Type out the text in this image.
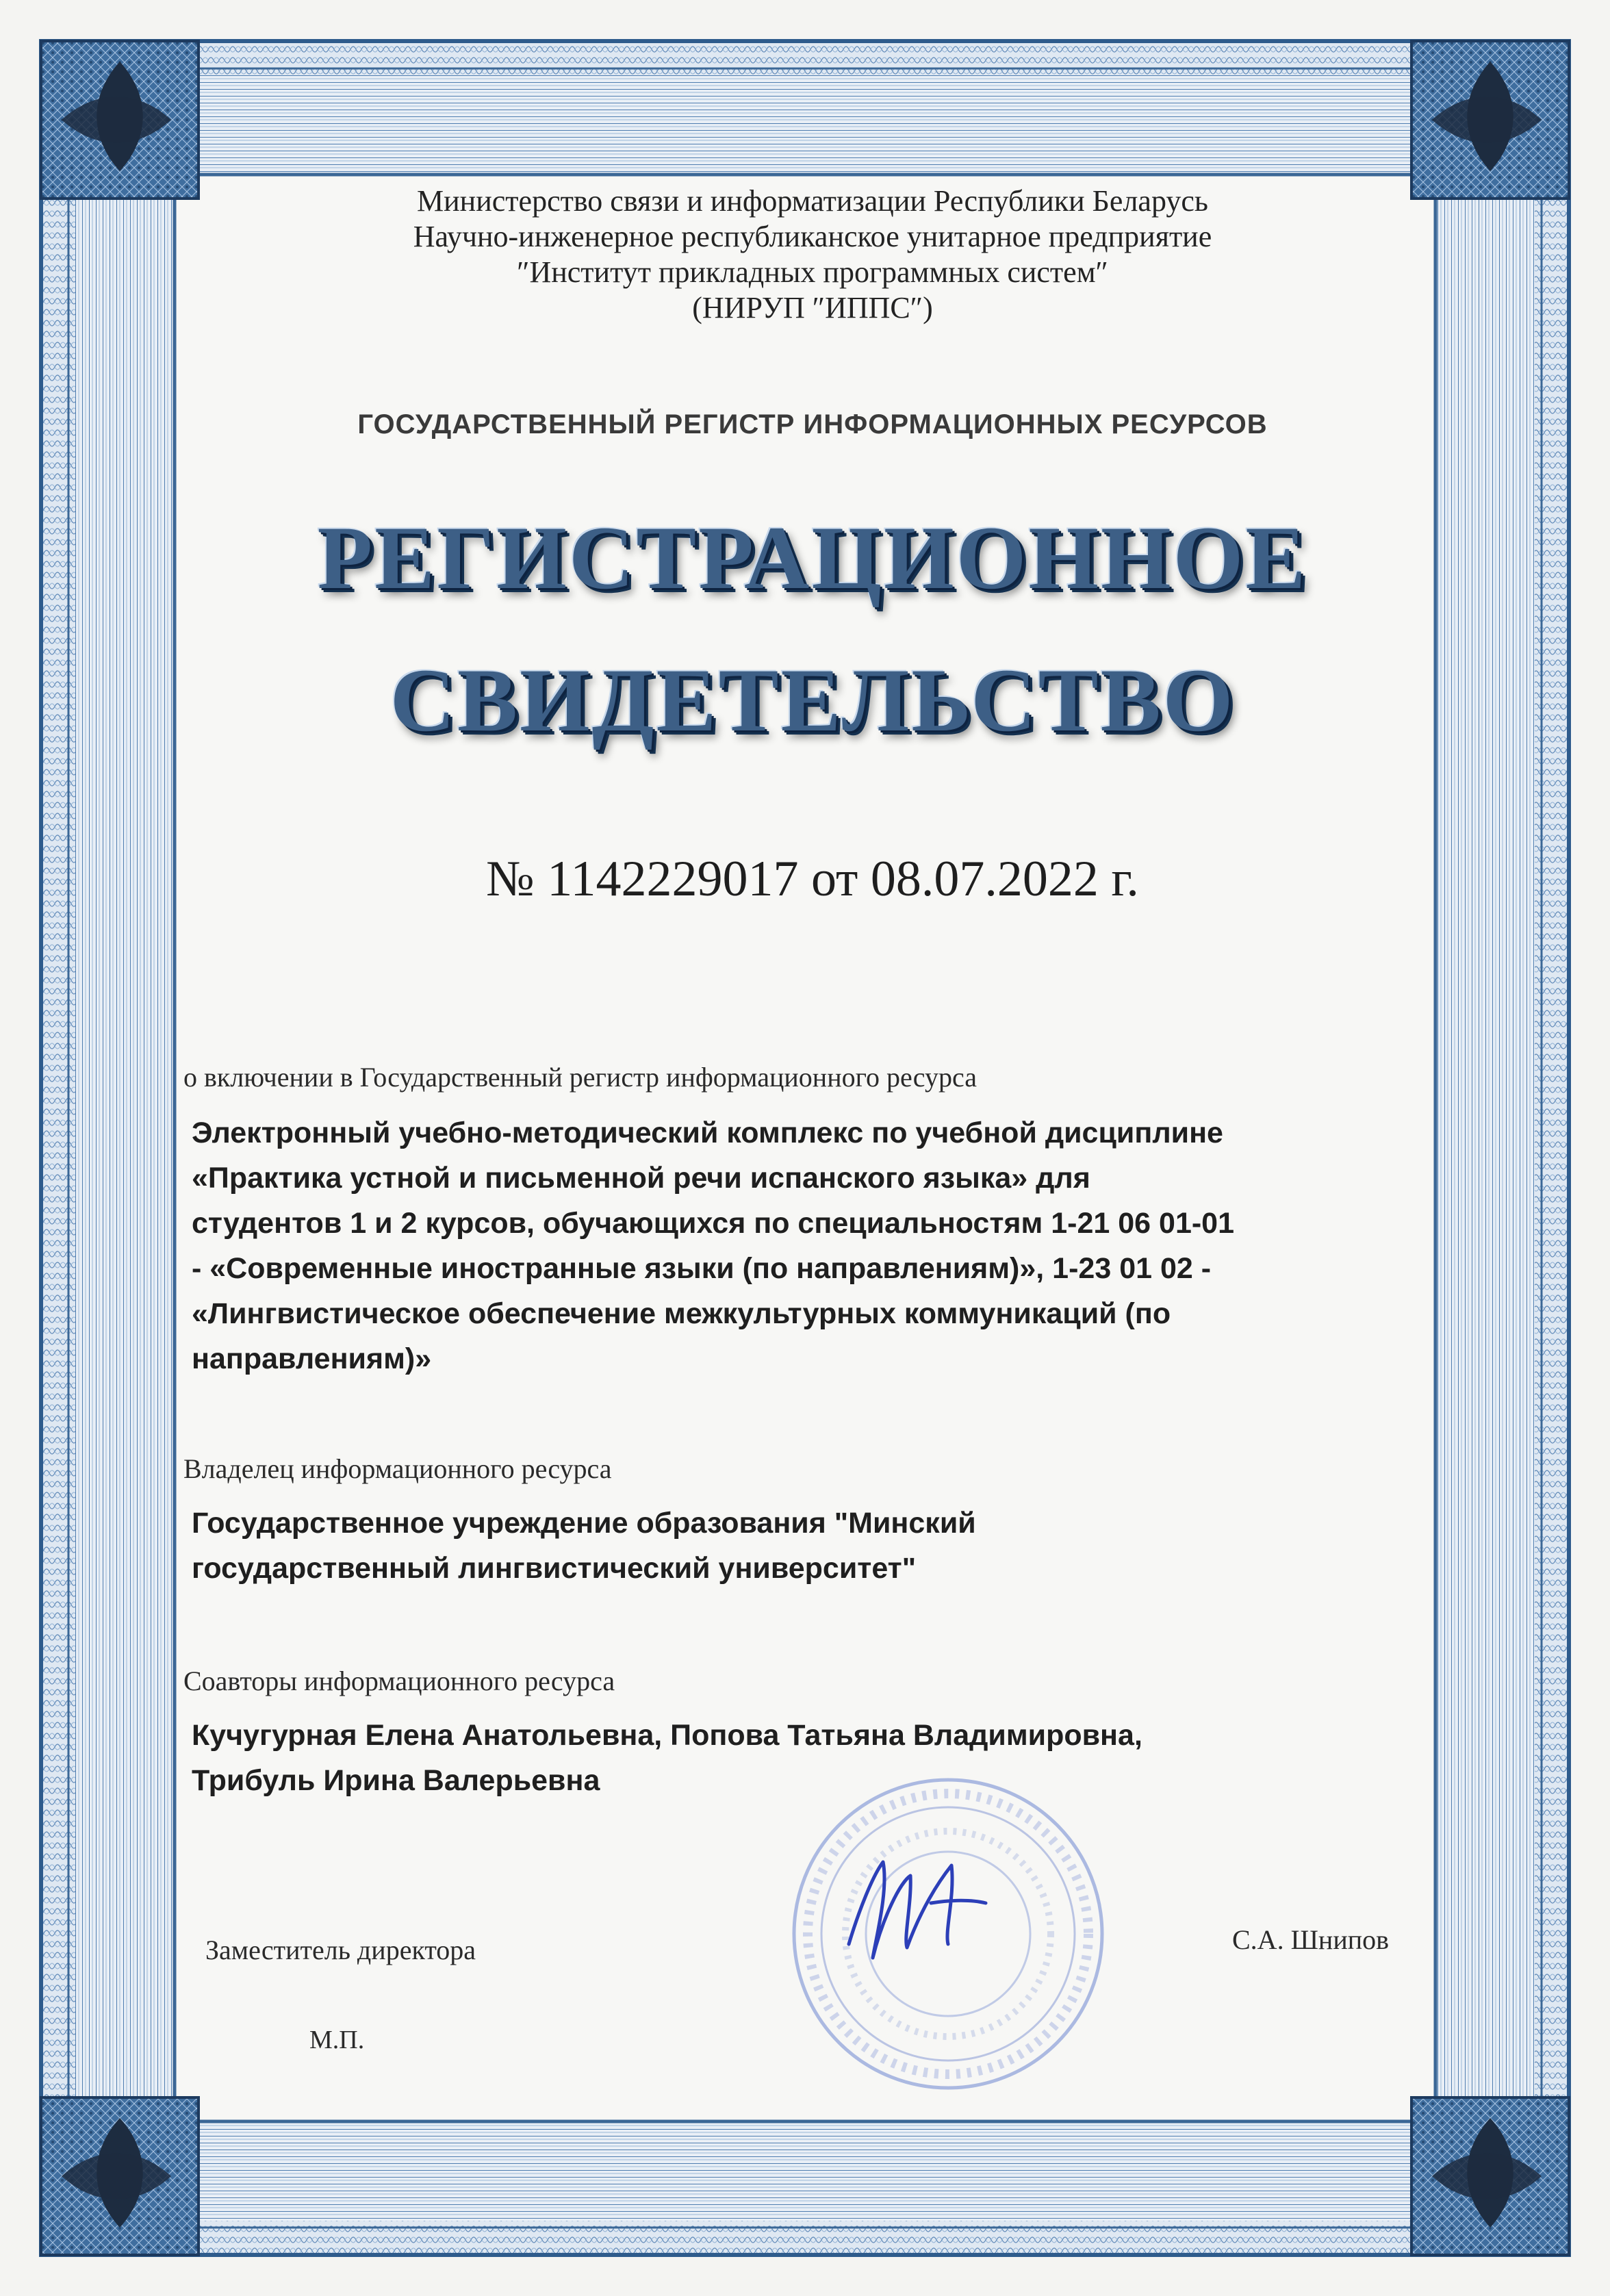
Министерство связи и информатизации Республики Беларусь
Научно-инженерное республиканское унитарное предприятие
″Институт прикладных программных систем″
(НИРУП ″ИППС″)
ГОСУДАРСТВЕННЫЙ РЕГИСТР ИНФОРМАЦИОННЫХ РЕСУРСОВ
РЕГИСТРАЦИОННОЕ
СВИДЕТЕЛЬСТВО
№ 1142229017 от 08.07.2022 г.
о включении в Государственный регистр информационного ресурса
Электронный учебно-методический комплекс по учебной дисциплине
«Практика устной и письменной речи испанского языка» для
студентов 1 и 2 курсов, обучающихся по специальностям 1-21 06 01-01
- «Современные иностранные языки (по направлениям)», 1-23 01 02 -
«Лингвистическое обеспечение межкультурных коммуникаций (по
направлениям)»
Владелец информационного ресурса
Государственное учреждение образования "Минский
государственный лингвистический университет"
Соавторы информационного ресурса
Кучугурная Елена Анатольевна, Попова Татьяна Владимировна,
Трибуль Ирина Валерьевна
Заместитель директора	С.А. Шнипов
М.П.
